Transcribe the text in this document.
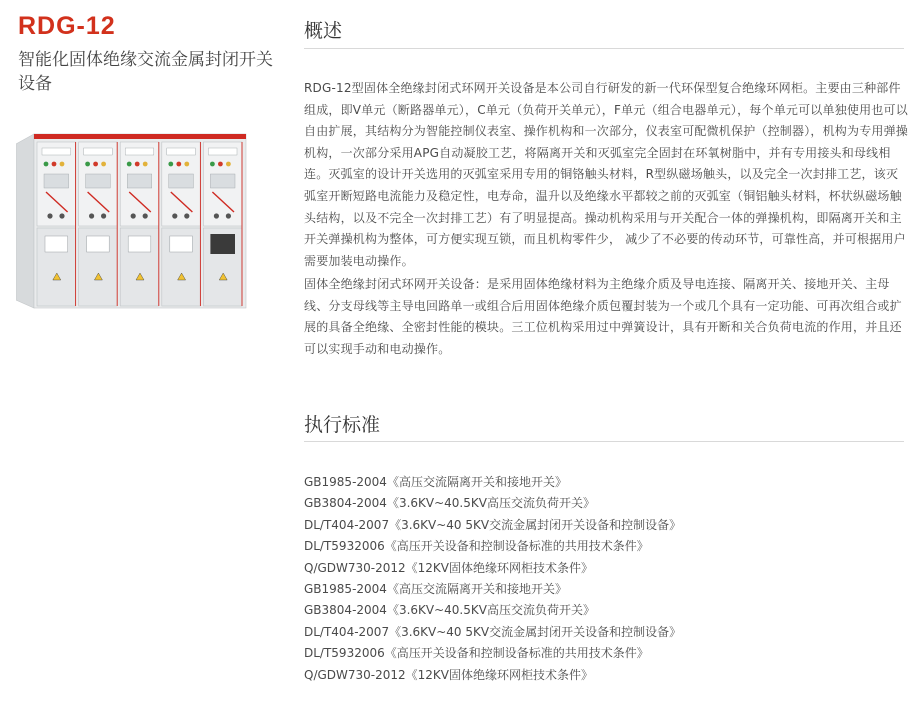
RDG-12

智能化固体绝缘交流金属封闭开关设备

概述

RDG-12型固体全绝缘封闭式环网开关设备是本公司自行研发的新一代环保型复合绝缘环网柜。主要由三种部件组成，即V单元（断路器单元），C单元（负荷开关单元），F单元（组合电器单元），每个单元可以单独使用也可以自由扩展，其结构分为智能控制仪表室、操作机构和一次部分，仪表室可配微机保护（控制器），机构为专用弹操机构，一次部分采用APG自动凝胶工艺，将隔离开关和灭弧室完全固封在环氧树脂中，并有专用接头和母线相连。灭弧室的设计开关选用的灭弧室采用专用的铜铬触头材料，R型纵磁场触头，以及完全一次封排工艺，该灭弧室开断短路电流能力及稳定性，电寿命，温升以及绝缘水平都较之前的灭弧室（铜铝触头材料，杯状纵磁场触头结构，以及不完全一次封排工艺）有了明显提高。操动机构采用与开关配合一体的弹操机构，即隔离开关和主开关弹操机构为整体，可方便实现互锁，而且机构零件少， 减少了不必要的传动环节，可靠性高，并可根据用户需要加装电动操作。

固体全绝缘封闭式环网开关设备：是采用固体绝缘材料为主绝缘介质及导电连接、隔离开关、接地开关、主母线、分支母线等主导电回路单一或组合后用固体绝缘介质包覆封装为一个或几个具有一定功能、可再次组合或扩展的具备全绝缘、全密封性能的模块。三工位机构采用过中弹簧设计，具有开断和关合负荷电流的作用，并且还可以实现手动和电动操作。

执行标准
GB1985-2004《高压交流隔离开关和接地开关》
GB3804-2004《3.6KV~40.5KV高压交流负荷开关》
DL/T404-2007《3.6KV~40 5KV交流金属封闭开关设备和控制设备》
DL/T5932006《高压开关设备和控制设备标准的共用技术条件》
Q/GDW730-2012《12KV固体绝缘环网柜技术条件》
GB1985-2004《高压交流隔离开关和接地开关》
GB3804-2004《3.6KV~40.5KV高压交流负荷开关》
DL/T404-2007《3.6KV~40 5KV交流金属封闭开关设备和控制设备》
DL/T5932006《高压开关设备和控制设备标准的共用技术条件》
Q/GDW730-2012《12KV固体绝缘环网柜技术条件》
